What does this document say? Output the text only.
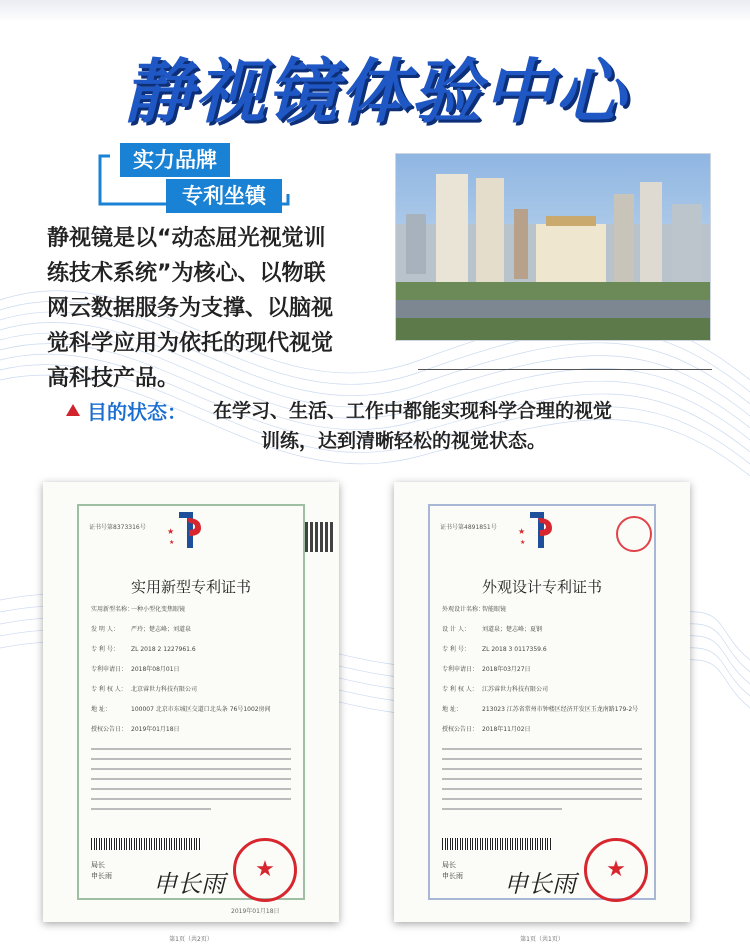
静视镜体验中心
实力品牌
专利坐镇
静视镜是以“动态屈光视觉训
练技术系统”为核心、以物联
网云数据服务为支撑、以脑视
觉科学应用为依托的现代视觉
高科技产品。
目的状态： 在学习、生活、工作中都能实现科学合理的视觉
训练，达到清晰轻松的视觉状态。
证书号第8373316号	★
★
实用新型专利证书
实用新型名称：一种小型化变焦眼镜
发 明 人： 严玲；楚志峰；刘道泉
专 利 号： ZL 2018 2 1227961.6
专利申请日： 2018年08月01日
专 利 权 人： 北京睿世力科技有限公司
地 址：	100007 北京市东城区交道口北头条 76号1002房间
授权公告日： 2019年01月18日
局长
申长雨 申长雨
★
2019年01月18日
第1页（共2页）
证书号第4891851号	★
★
外观设计专利证书
外观设计名称：智能眼镜
设 计 人： 刘道泉；楚志峰；夏钢
专 利 号： ZL 2018 3 0117359.6
专利申请日： 2018年03月27日
专 利 权 人： 江苏睿世力科技有限公司
地 址：	213023 江苏省常州市钟楼区经济开发区玉龙南路179-2号
授权公告日： 2018年11月02日
局长
申长雨 申长雨
★
第1页（共1页）
